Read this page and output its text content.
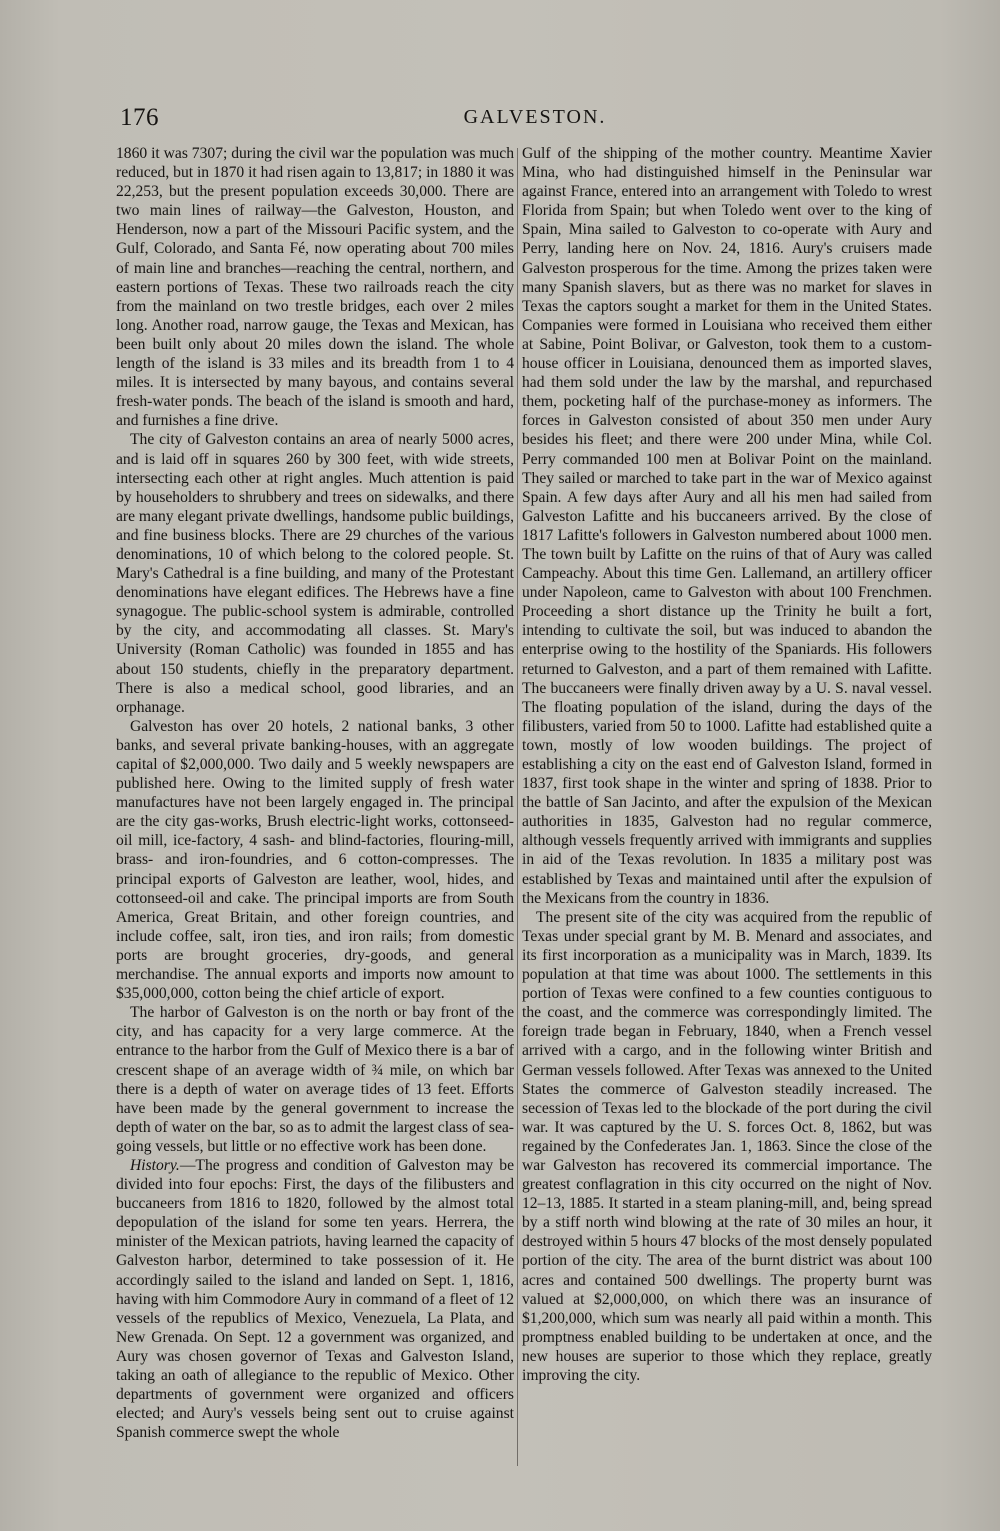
176	GALVESTON.

1860 it was 7307; during the civil war the population was much reduced, but in 1870 it had risen again to 13,817; in 1880 it was 22,253, but the present population exceeds 30,000. There are two main lines of railway—the Galveston, Houston, and Henderson, now a part of the Missouri Pacific system, and the Gulf, Colorado, and Santa Fé, now operating about 700 miles of main line and branches—reaching the central, northern, and eastern portions of Texas. These two railroads reach the city from the mainland on two trestle bridges, each over 2 miles long. Another road, narrow gauge, the Texas and Mexican, has been built only about 20 miles down the island. The whole length of the island is 33 miles and its breadth from 1 to 4 miles. It is intersected by many bayous, and contains several fresh-water ponds. The beach of the island is smooth and hard, and furnishes a fine drive.

The city of Galveston contains an area of nearly 5000 acres, and is laid off in squares 260 by 300 feet, with wide streets, intersecting each other at right angles. Much attention is paid by householders to shrubbery and trees on sidewalks, and there are many elegant private dwellings, handsome public buildings, and fine business blocks. There are 29 churches of the various denominations, 10 of which belong to the colored people. St. Mary's Cathedral is a fine building, and many of the Protestant denominations have elegant edifices. The Hebrews have a fine synagogue. The public-school system is admirable, controlled by the city, and accommodating all classes. St. Mary's University (Roman Catholic) was founded in 1855 and has about 150 students, chiefly in the preparatory department. There is also a medical school, good libraries, and an orphanage.

Galveston has over 20 hotels, 2 national banks, 3 other banks, and several private banking-houses, with an aggregate capital of $2,000,000. Two daily and 5 weekly newspapers are published here. Owing to the limited supply of fresh water manufactures have not been largely engaged in. The principal are the city gas-works, Brush electric-light works, cottonseed-oil mill, ice-factory, 4 sash- and blind-factories, flouring-mill, brass- and iron-foundries, and 6 cotton-compresses. The principal exports of Galveston are leather, wool, hides, and cottonseed-oil and cake. The principal imports are from South America, Great Britain, and other foreign countries, and include coffee, salt, iron ties, and iron rails; from domestic ports are brought groceries, dry-goods, and general merchandise. The annual exports and imports now amount to $35,000,000, cotton being the chief article of export.

The harbor of Galveston is on the north or bay front of the city, and has capacity for a very large commerce. At the entrance to the harbor from the Gulf of Mexico there is a bar of crescent shape of an average width of ¾ mile, on which bar there is a depth of water on average tides of 13 feet. Efforts have been made by the general government to increase the depth of water on the bar, so as to admit the largest class of sea-going vessels, but little or no effective work has been done.

History.—The progress and condition of Galveston may be divided into four epochs: First, the days of the filibusters and buccaneers from 1816 to 1820, followed by the almost total depopulation of the island for some ten years. Herrera, the minister of the Mexican patriots, having learned the capacity of Galveston harbor, determined to take possession of it. He accordingly sailed to the island and landed on Sept. 1, 1816, having with him Commodore Aury in command of a fleet of 12 vessels of the republics of Mexico, Venezuela, La Plata, and New Grenada. On Sept. 12 a government was organized, and Aury was chosen governor of Texas and Galveston Island, taking an oath of allegiance to the republic of Mexico. Other departments of government were organized and officers elected; and Aury's vessels being sent out to cruise against Spanish commerce swept the whole

Gulf of the shipping of the mother country. Meantime Xavier Mina, who had distinguished himself in the Peninsular war against France, entered into an arrangement with Toledo to wrest Florida from Spain; but when Toledo went over to the king of Spain, Mina sailed to Galveston to co-operate with Aury and Perry, landing here on Nov. 24, 1816. Aury's cruisers made Galveston prosperous for the time. Among the prizes taken were many Spanish slavers, but as there was no market for slaves in Texas the captors sought a market for them in the United States. Companies were formed in Louisiana who received them either at Sabine, Point Bolivar, or Galveston, took them to a custom-house officer in Louisiana, denounced them as imported slaves, had them sold under the law by the marshal, and repurchased them, pocketing half of the purchase-money as informers. The forces in Galveston consisted of about 350 men under Aury besides his fleet; and there were 200 under Mina, while Col. Perry commanded 100 men at Bolivar Point on the mainland. They sailed or marched to take part in the war of Mexico against Spain. A few days after Aury and all his men had sailed from Galveston Lafitte and his buccaneers arrived. By the close of 1817 Lafitte's followers in Galveston numbered about 1000 men. The town built by Lafitte on the ruins of that of Aury was called Campeachy. About this time Gen. Lallemand, an artillery officer under Napoleon, came to Galveston with about 100 Frenchmen. Proceeding a short distance up the Trinity he built a fort, intending to cultivate the soil, but was induced to abandon the enterprise owing to the hostility of the Spaniards. His followers returned to Galveston, and a part of them remained with Lafitte. The buccaneers were finally driven away by a U. S. naval vessel. The floating population of the island, during the days of the filibusters, varied from 50 to 1000. Lafitte had established quite a town, mostly of low wooden buildings. The project of establishing a city on the east end of Galveston Island, formed in 1837, first took shape in the winter and spring of 1838. Prior to the battle of San Jacinto, and after the expulsion of the Mexican authorities in 1835, Galveston had no regular commerce, although vessels frequently arrived with immigrants and supplies in aid of the Texas revolution. In 1835 a military post was established by Texas and maintained until after the expulsion of the Mexicans from the country in 1836.

The present site of the city was acquired from the republic of Texas under special grant by M. B. Menard and associates, and its first incorporation as a municipality was in March, 1839. Its population at that time was about 1000. The settlements in this portion of Texas were confined to a few counties contiguous to the coast, and the commerce was correspondingly limited. The foreign trade began in February, 1840, when a French vessel arrived with a cargo, and in the following winter British and German vessels followed. After Texas was annexed to the United States the commerce of Galveston steadily increased. The secession of Texas led to the blockade of the port during the civil war. It was captured by the U. S. forces Oct. 8, 1862, but was regained by the Confederates Jan. 1, 1863. Since the close of the war Galveston has recovered its commercial importance. The greatest conflagration in this city occurred on the night of Nov. 12–13, 1885. It started in a steam planing-mill, and, being spread by a stiff north wind blowing at the rate of 30 miles an hour, it destroyed within 5 hours 47 blocks of the most densely populated portion of the city. The area of the burnt district was about 100 acres and contained 500 dwellings. The property burnt was valued at $2,000,000, on which there was an insurance of $1,200,000, which sum was nearly all paid within a month. This promptness enabled building to be undertaken at once, and the new houses are superior to those which they replace, greatly improving the city.
